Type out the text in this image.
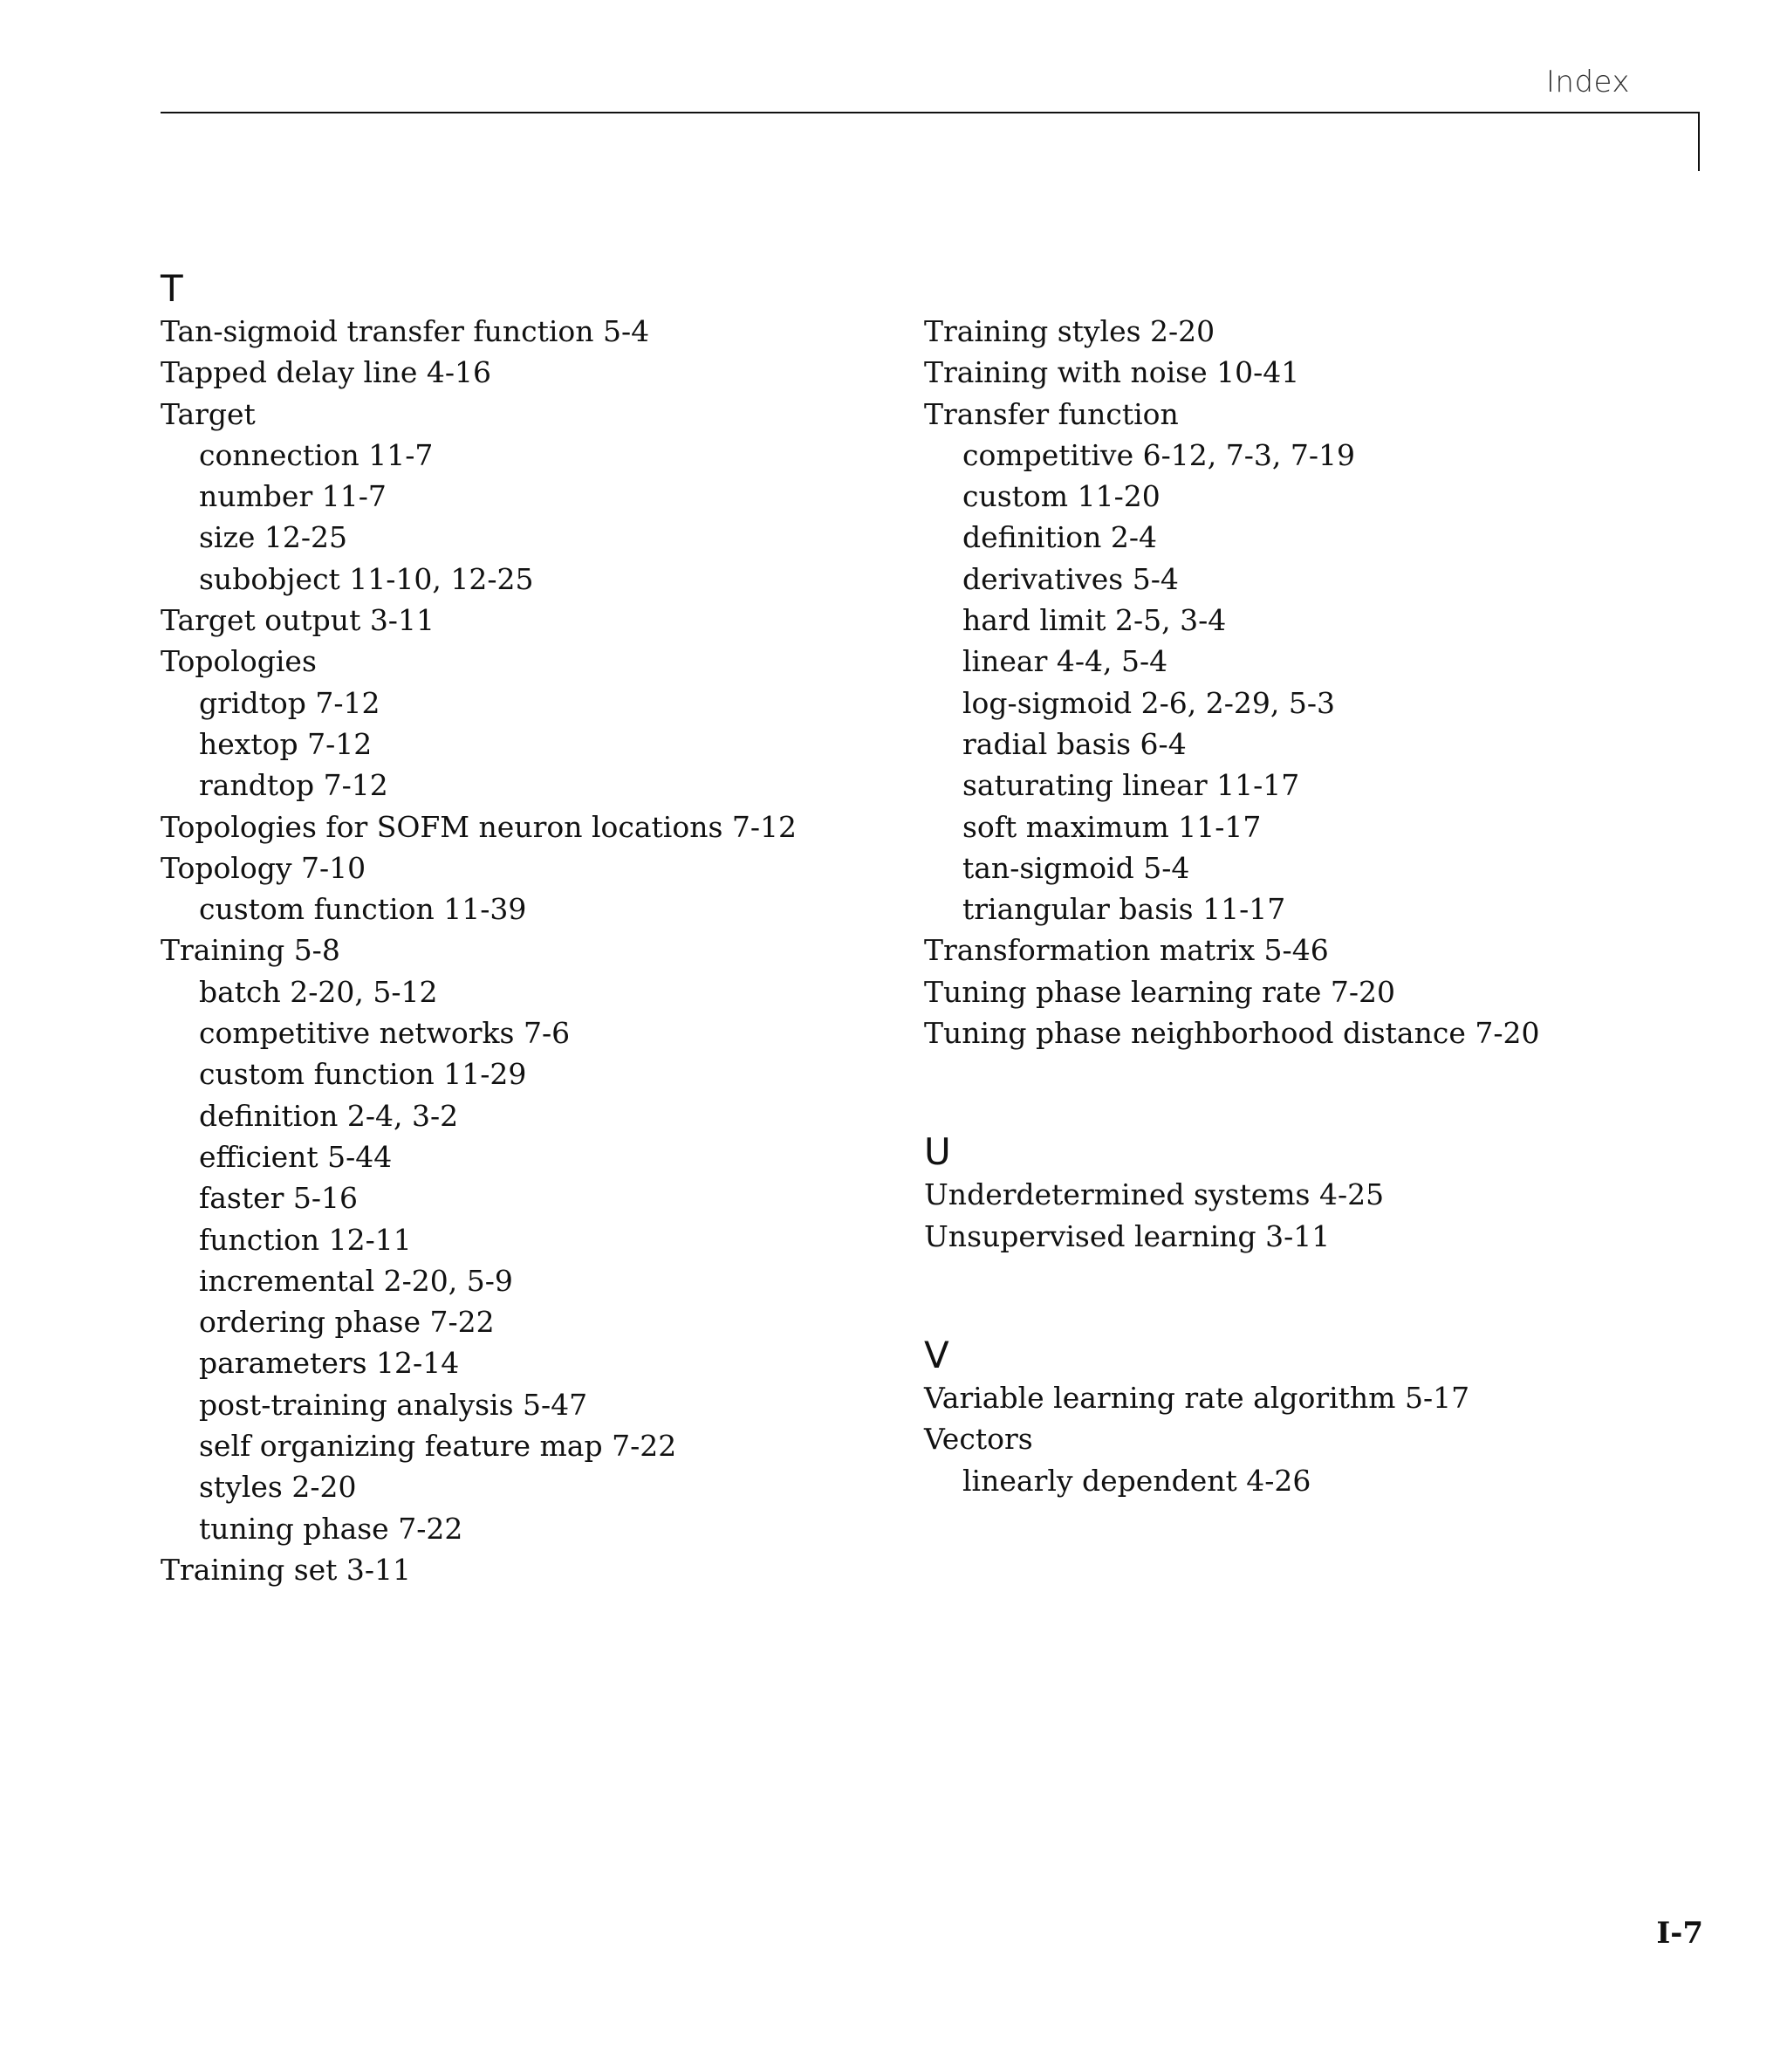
Index
T
Tan-sigmoid transfer function 5-4
Tapped delay line 4-16
Target
connection 11-7
number 11-7
size 12-25
subobject 11-10, 12-25
Target output 3-11
Topologies
gridtop 7-12
hextop 7-12
randtop 7-12
Topologies for SOFM neuron locations 7-12
Topology 7-10
custom function 11-39
Training 5-8
batch 2-20, 5-12
competitive networks 7-6
custom function 11-29
definition 2-4, 3-2
efficient 5-44
faster 5-16
function 12-11
incremental 2-20, 5-9
ordering phase 7-22
parameters 12-14
post-training analysis 5-47
self organizing feature map 7-22
styles 2-20
tuning phase 7-22
Training set 3-11
Training styles 2-20
Training with noise 10-41
Transfer function
competitive 6-12, 7-3, 7-19
custom 11-20
definition 2-4
derivatives 5-4
hard limit 2-5, 3-4
linear 4-4, 5-4
log-sigmoid 2-6, 2-29, 5-3
radial basis 6-4
saturating linear 11-17
soft maximum 11-17
tan-sigmoid 5-4
triangular basis 11-17
Transformation matrix 5-46
Tuning phase learning rate 7-20
Tuning phase neighborhood distance 7-20
U
Underdetermined systems 4-25
Unsupervised learning 3-11
V
Variable learning rate algorithm 5-17
Vectors
linearly dependent 4-26
I-7
